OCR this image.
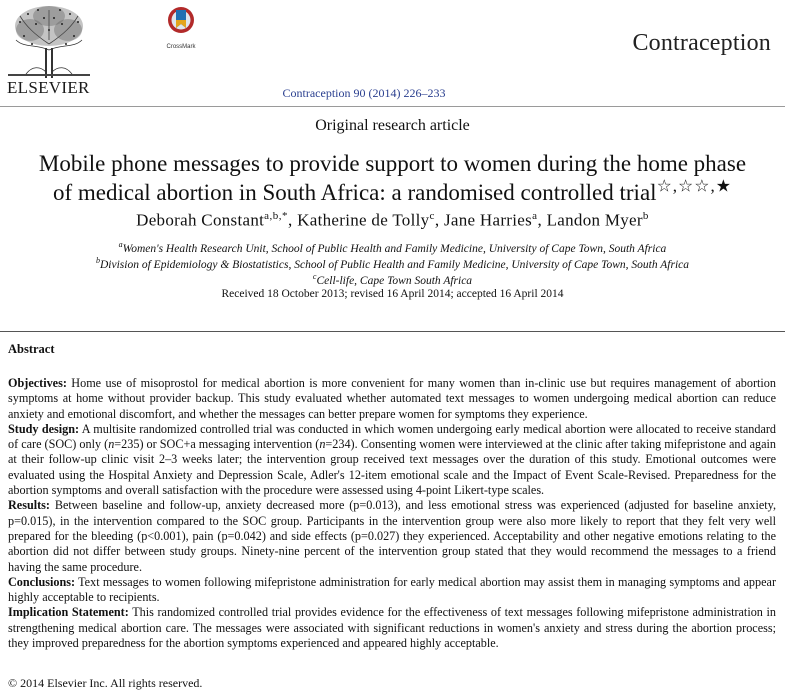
ELSEVIER
CrossMark	Contraception
Contraception 90 (2014) 226–233
Original research article
Mobile phone messages to provide support to women during the home phase
of medical abortion in South Africa: a randomised controlled trial☆,☆☆,★
Deborah Constant$^{a,b,*}$, Katherine de Tolly$^c$, Jane Harries$^a$, Landon Myer$^b$
$^a$Women's Health Research Unit, School of Public Health and Family Medicine, University of Cape Town, South Africa
$^b$Division of Epidemiology & Biostatistics, School of Public Health and Family Medicine, University of Cape Town, South Africa
$^c$Cell-life, Cape Town South Africa
Received 18 October 2013; revised 16 April 2014; accepted 16 April 2014
Abstract

Objectives: Home use of misoprostol for medical abortion is more convenient for many women than in-clinic use but requires management of abortion symptoms at home without provider backup. This study evaluated whether automated text messages to women undergoing medical abortion can reduce anxiety and emotional discomfort, and whether the messages can better prepare women for symptoms they experience.

Study design: A multisite randomized controlled trial was conducted in which women undergoing early medical abortion were allocated to receive standard of care (SOC) only (n=235) or SOC+a messaging intervention (n=234). Consenting women were interviewed at the clinic after taking mifepristone and again at their follow-up clinic visit 2–3 weeks later; the intervention group received text messages over the duration of this study. Emotional outcomes were evaluated using the Hospital Anxiety and Depression Scale, Adler's 12-item emotional scale and the Impact of Event Scale-Revised. Preparedness for the abortion symptoms and overall satisfaction with the procedure were assessed using 4-point Likert-type scales.

Results: Between baseline and follow-up, anxiety decreased more (p=0.013), and less emotional stress was experienced (adjusted for baseline anxiety, p=0.015), in the intervention compared to the SOC group. Participants in the intervention group were also more likely to report that they felt very well prepared for the bleeding (p<0.001), pain (p=0.042) and side effects (p=0.027) they experienced. Acceptability and other negative emotions relating to the abortion did not differ between study groups. Ninety-nine percent of the intervention group stated that they would recommend the messages to a friend having the same procedure.

Conclusions: Text messages to women following mifepristone administration for early medical abortion may assist them in managing symptoms and appear highly acceptable to recipients.

Implication Statement: This randomized controlled trial provides evidence for the effectiveness of text messages following mifepristone administration in strengthening medical abortion care. The messages were associated with significant reductions in women's anxiety and stress during the abortion process; they improved preparedness for the abortion symptoms experienced and appeared highly acceptable.

© 2014 Elsevier Inc. All rights reserved.
